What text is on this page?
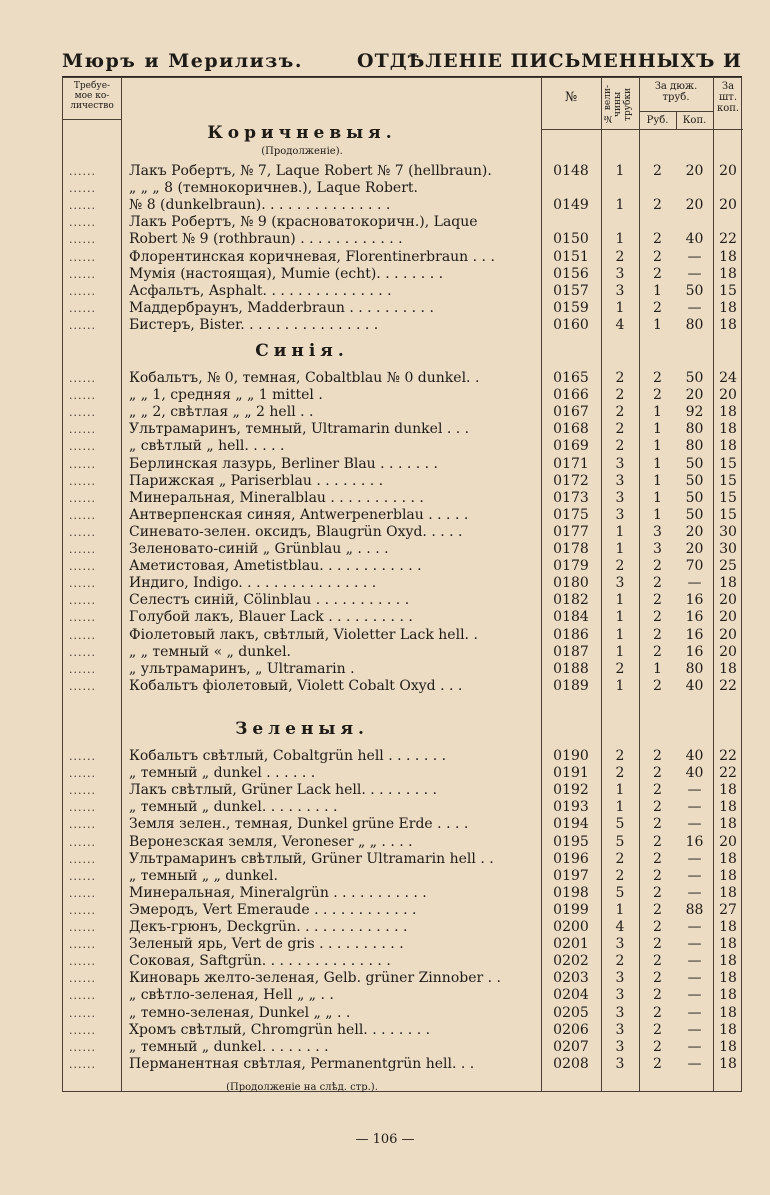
Мюръ и Мерилизъ.	ОТДѢЛЕНІЕ ПИСЬМЕННЫХЪ И
Требуе-
мое ко-
личество
№
№ вели-
чины
трубки
За дюж.
труб.
Руб.	Коп.
За
шт.
коп.
Коричневыя.
(Продолженіе).
......	Лакъ Робертъ, № 7, Laque Robert № 7 (hellbraun).	0148	1	2	20	20
......	„ „ „ 8 (темнокоричнев.), Laque Robert.
......	№ 8 (dunkelbraun). . . . . . . . . . . . . . .	0149	1	2	20	20
......	Лакъ Робертъ, № 9 (красноватокоричн.), Laque
......	Robert № 9 (rothbraun) . . . . . . . . . . . .	0150	1	2	40	22
......	Флорентинская коричневая, Florentinerbraun . . .	0151	2	2	—	18
......	Мумія (настоящая), Mumie (echt). . . . . . . .	0156	3	2	—	18
......	Асфальтъ, Asphalt. . . . . . . . . . . . . . .	0157	3	1	50	15
......	Маддербраунъ, Madderbraun . . . . . . . . . .	0159	1	2	—	18
......	Бистеръ, Bister. . . . . . . . . . . . . . . .	0160	4	1	80	18
Синія.
......	Кобальтъ, № 0, темная, Cobaltblau № 0 dunkel. .	0165	2	2	50	24
......	„ „ 1, средняя „ „ 1 mittel .	0166	2	2	20	20
......	„ „ 2, свѣтлая „ „ 2 hell . .	0167	2	1	92	18
......	Ультрамаринъ, темный, Ultramarin dunkel . . .	0168	2	1	80	18
......	„ свѣтлый „ hell. . . . .	0169	2	1	80	18
......	Берлинская лазурь, Berliner Blau . . . . . . .	0171	3	1	50	15
......	Парижская „ Pariserblau . . . . . . . .	0172	3	1	50	15
......	Минеральная, Mineralblau . . . . . . . . . . .	0173	3	1	50	15
......	Антверпенская синяя, Antwerpenerblau . . . . .	0175	3	1	50	15
......	Синевато-зелен. оксидъ, Blaugrün Oxyd. . . . .	0177	1	3	20	30
......	Зеленовато-синій „ Grünblau „ . . . .	0178	1	3	20	30
......	Аметистовая, Ametistblau. . . . . . . . . . . .	0179	2	2	70	25
......	Индиго, Indigo. . . . . . . . . . . . . . . .	0180	3	2	—	18
......	Селестъ синій, Cölinblau . . . . . . . . . . .	0182	1	2	16	20
......	Голубой лакъ, Blauer Lack . . . . . . . . . .	0184	1	2	16	20
......	Фіолетовый лакъ, свѣтлый, Violetter Lack hell. .	0186	1	2	16	20
......	„ „ темный « „ dunkel.	0187	1	2	16	20
......	„ ультрамаринъ, „ Ultramarin .	0188	2	1	80	18
......	Кобальтъ фіолетовый, Violett Cobalt Oxyd . . .	0189	1	2	40	22
Зеленыя.
......	Кобальтъ свѣтлый, Cobaltgrün hell . . . . . . .	0190	2	2	40	22
......	„ темный „ dunkel . . . . . .	0191	2	2	40	22
......	Лакъ свѣтлый, Grüner Lack hell. . . . . . . . .	0192	1	2	—	18
......	„ темный „ dunkel. . . . . . . . .	0193	1	2	—	18
......	Земля зелен., темная, Dunkel grüne Erde . . . .	0194	5	2	—	18
......	Веронезская земля, Veroneser „ „ . . . .	0195	5	2	16	20
......	Ультрамаринъ свѣтлый, Grüner Ultramarin hell . .	0196	2	2	—	18
......	„ темный „ „ dunkel.	0197	2	2	—	18
......	Минеральная, Mineralgrün . . . . . . . . . . .	0198	5	2	—	18
......	Эмеродъ, Vert Emeraude . . . . . . . . . . . .	0199	1	2	88	27
......	Декъ-грюнъ, Deckgrün. . . . . . . . . . . . .	0200	4	2	—	18
......	Зеленый ярь, Vert de gris . . . . . . . . . .	0201	3	2	—	18
......	Соковая, Saftgrün. . . . . . . . . . . . . . .	0202	2	2	—	18
......	Киноварь желто-зеленая, Gelb. grüner Zinnober . .	0203	3	2	—	18
......	„ свѣтло-зеленая, Hell „ „ . .	0204	3	2	—	18
......	„ темно-зеленая, Dunkel „ „ . .	0205	3	2	—	18
......	Хромъ свѣтлый, Chromgrün hell. . . . . . . .	0206	3	2	—	18
......	„ темный „ dunkel. . . . . . . .	0207	3	2	—	18
......	Перманентная свѣтлая, Permanentgrün hell. . .	0208	3	2	—	18
(Продолженіе на слѣд. стр.).
— 106 —
